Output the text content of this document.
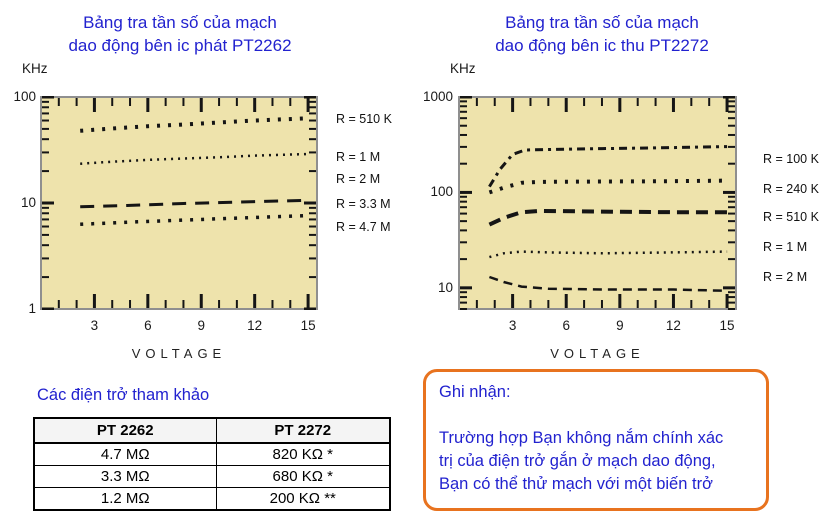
Bảng tra tần số của mạch
dao động bên ic phát PT2262
KHz
100
10
1
3	6	9	12	15
VOLTAGE
R = 510 K
R = 1 M
R = 2 M
R = 3.3 M
R = 4.7 M
Bảng tra tần số của mạch
dao động bên ic thu PT2272
KHz
1000
100
10
3	6	9	12	15
VOLTAGE
R = 100 K
R = 240 K
R = 510 K
R = 1 M
R = 2 M
Các điện trở tham khảo
PT 2262	PT 2272
4.7 MΩ	820 KΩ *
3.3 MΩ	680 KΩ *
1.2 MΩ	200 KΩ **
Ghi nhận:
Trường hợp Bạn không nắm chính xác
trị của điện trở gắn ở mạch dao động,
Bạn có thể thử mạch với một biến trở
